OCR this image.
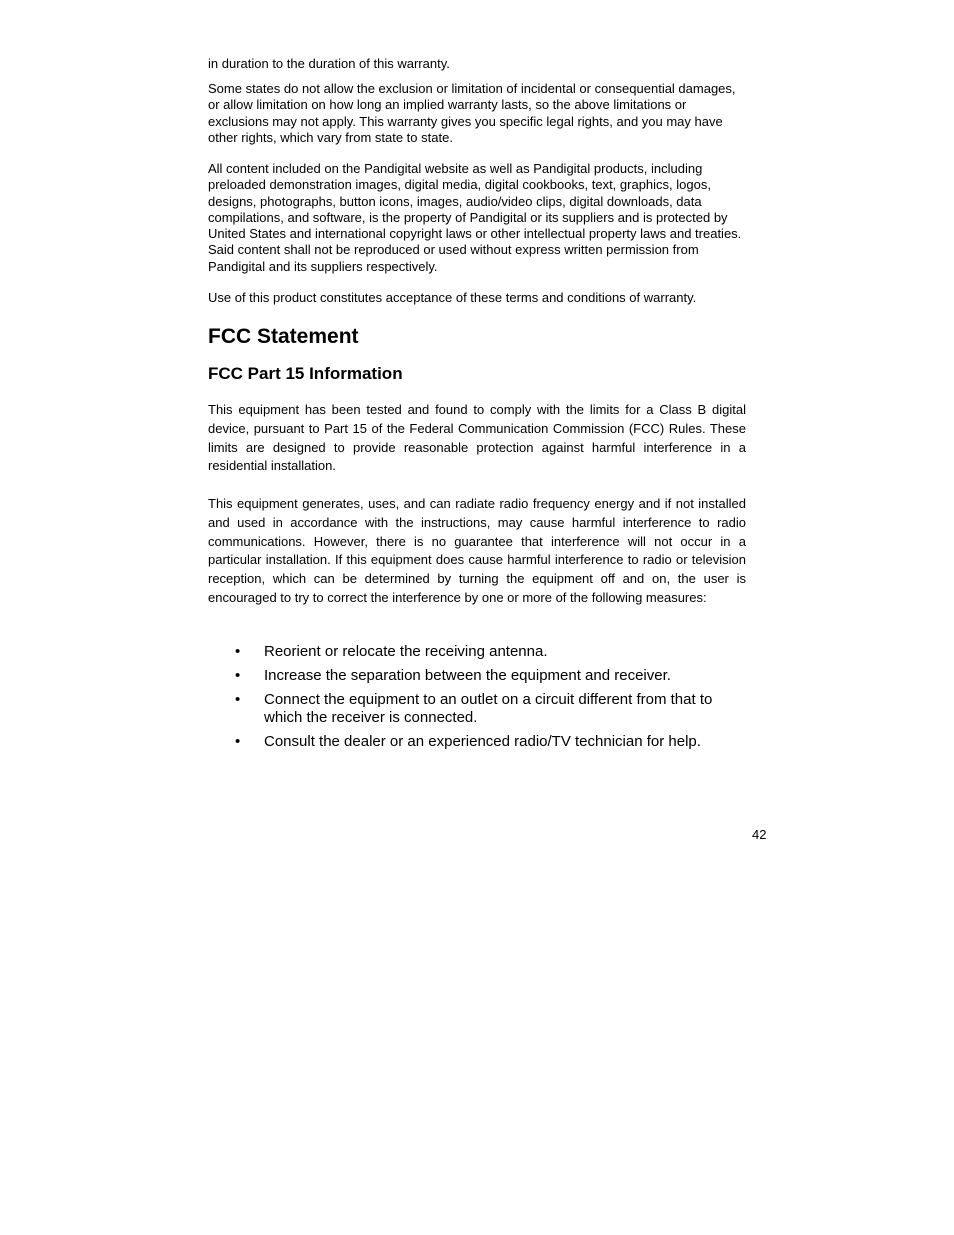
in duration to the duration of this warranty.

Some states do not allow the exclusion or limitation of incidental or consequential damages, or allow limitation on how long an implied warranty lasts, so the above limitations or exclusions may not apply. This warranty gives you specific legal rights, and you may have other rights, which vary from state to state.

All content included on the Pandigital website as well as Pandigital products, including preloaded demonstration images, digital media, digital cookbooks, text, graphics, logos, designs, photographs, button icons, images, audio/video clips, digital downloads, data compilations, and software, is the property of Pandigital or its suppliers and is protected by United States and international copyright laws or other intellectual property laws and treaties. Said content shall not be reproduced or used without express written permission from Pandigital and its suppliers respectively.

Use of this product constitutes acceptance of these terms and conditions of warranty.

FCC Statement
FCC Part 15 Information

This equipment has been tested and found to comply with the limits for a Class B digital device, pursuant to Part 15 of the Federal Communication Commission (FCC) Rules. These limits are designed to provide reasonable protection against harmful interference in a residential installation.

This equipment generates, uses, and can radiate radio frequency energy and if not installed and used in accordance with the instructions, may cause harmful interference to radio communications. However, there is no guarantee that interference will not occur in a particular installation. If this equipment does cause harmful interference to radio or television reception, which can be determined by turning the equipment off and on, the user is encouraged to try to correct the interference by one or more of the following measures:

• Reorient or relocate the receiving antenna.
• Increase the separation between the equipment and receiver.
• Connect the equipment to an outlet on a circuit different from that to which the receiver is connected.
• Consult the dealer or an experienced radio/TV technician for help.
42
